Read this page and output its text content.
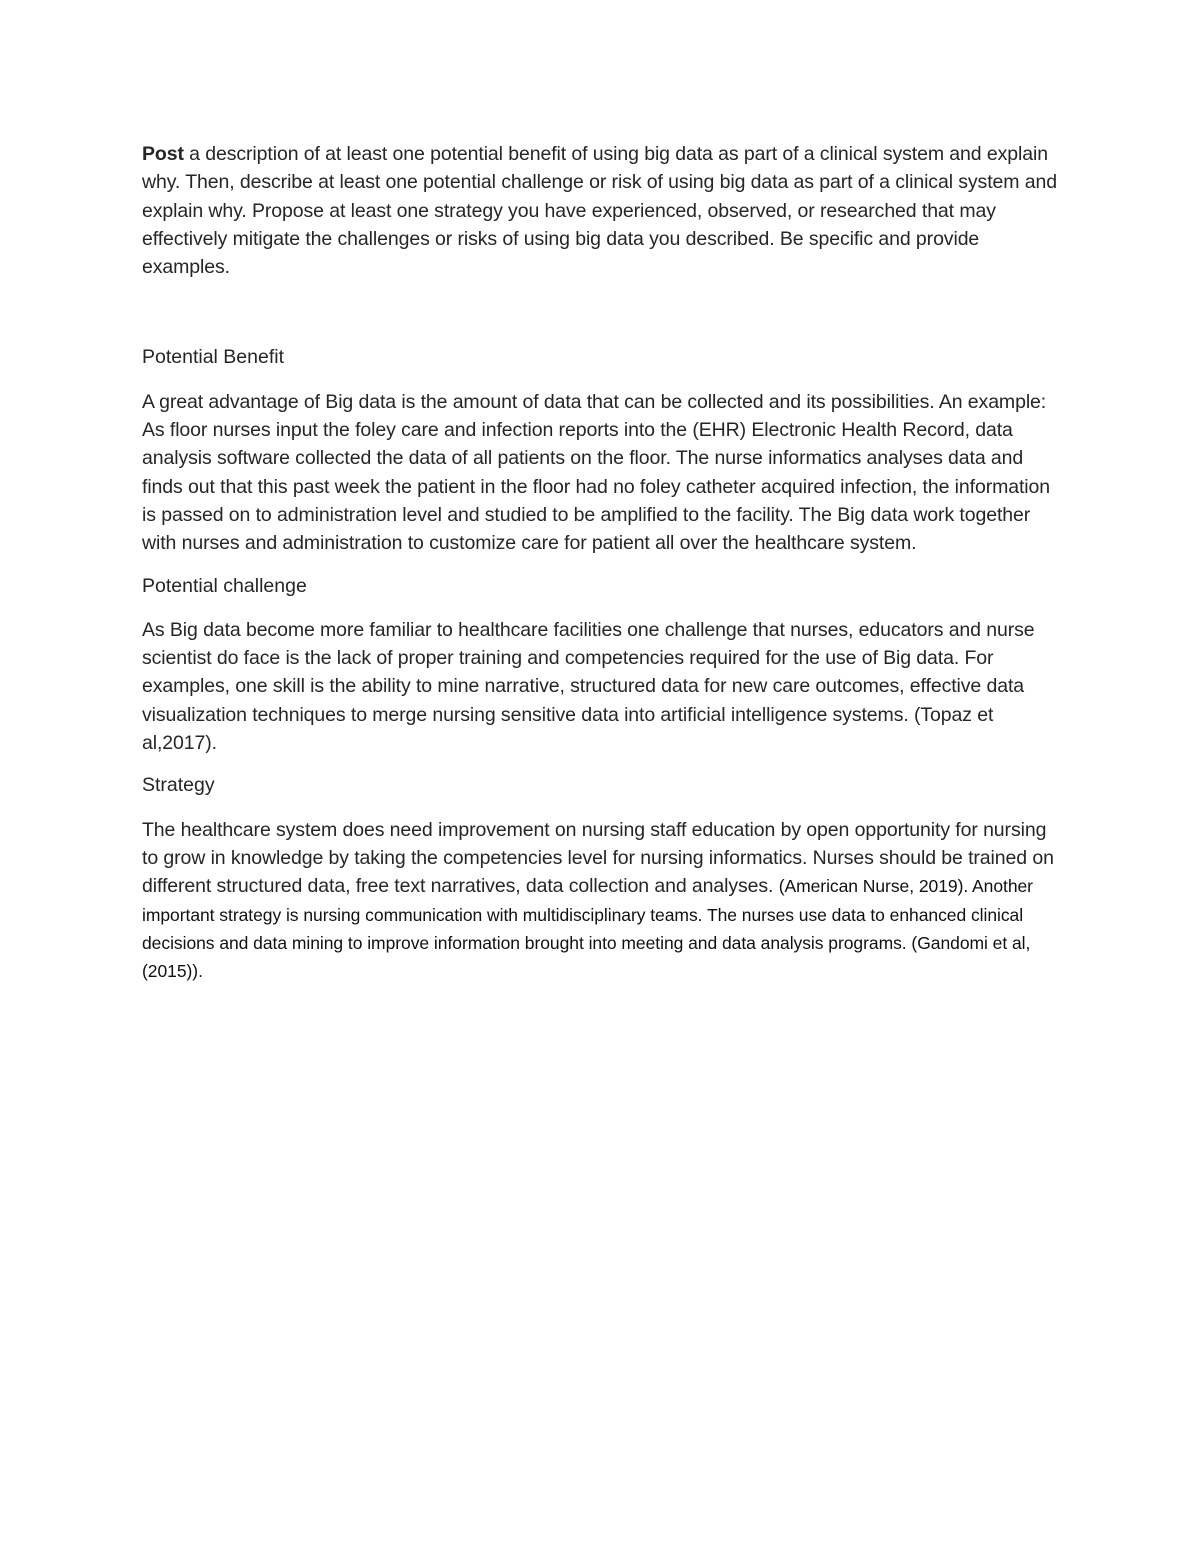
Post a description of at least one potential benefit of using big data as part of a clinical system and explain why. Then, describe at least one potential challenge or risk of using big data as part of a clinical system and explain why. Propose at least one strategy you have experienced, observed, or researched that may effectively mitigate the challenges or risks of using big data you described. Be specific and provide examples.

Potential Benefit

A great advantage of Big data is the amount of data that can be collected and its possibilities. An example: As floor nurses input the foley care and infection reports into the (EHR) Electronic Health Record, data analysis software collected the data of all patients on the floor. The nurse informatics analyses data and finds out that this past week the patient in the floor had no foley catheter acquired infection, the information is passed on to administration level and studied to be amplified to the facility. The Big data work together with nurses and administration to customize care for patient all over the healthcare system.

Potential challenge

As Big data become more familiar to healthcare facilities one challenge that nurses, educators and nurse scientist do face is the lack of proper training and competencies required for the use of Big data. For examples, one skill is the ability to mine narrative, structured data for new care outcomes, effective data visualization techniques to merge nursing sensitive data into artificial intelligence systems. (Topaz et al,2017).

Strategy

The healthcare system does need improvement on nursing staff education by open opportunity for nursing to grow in knowledge by taking the competencies level for nursing informatics. Nurses should be trained on different structured data, free text narratives, data collection and analyses. (American Nurse, 2019). Another important strategy is nursing communication with multidisciplinary teams. The nurses use data to enhanced clinical decisions and data mining to improve information brought into meeting and data analysis programs. (Gandomi et al,(2015)).
